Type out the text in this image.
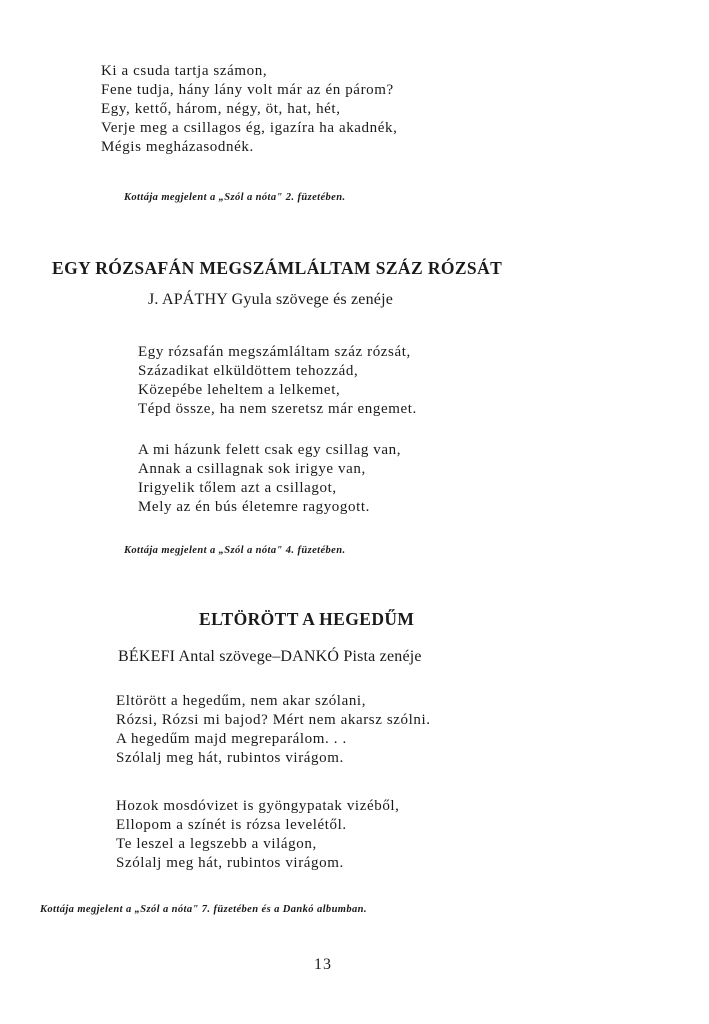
Ki a csuda tartja számon,
Fene tudja, hány lány volt már az én párom?
Egy, kettő, három, négy, öt, hat, hét,
Verje meg a csillagos ég, igazíra ha akadnék,
Mégis megházasodnék.
Kottája megjelent a „Szól a nóta" 2. füzetében.
EGY RÓZSAFÁN MEGSZÁMLÁLTAM SZÁZ RÓZSÁT
J. APÁTHY Gyula szövege és zenéje
Egy rózsafán megszámláltam száz rózsát,
Századikat elküldöttem tehozzád,
Közepébe leheltem a lelkemet,
Tépd össze, ha nem szeretsz már engemet.
A mi házunk felett csak egy csillag van,
Annak a csillagnak sok irigye van,
Irigyelik tőlem azt a csillagot,
Mely az én bús életemre ragyogott.
Kottája megjelent a „Szól a nóta" 4. füzetében.
ELTÖRÖTT A HEGEDŰM
BÉKEFI Antal szövege–DANKÓ Pista zenéje
Eltörött a hegedűm, nem akar szólani,
Rózsi, Rózsi mi bajod? Mért nem akarsz szólni.
A hegedűm majd megreparálom. . .
Szólalj meg hát, rubintos virágom.
Hozok mosdóvizet is gyöngypatak vizéből,
Ellopom a színét is rózsa levelétől.
Te leszel a legszebb a világon,
Szólalj meg hát, rubintos virágom.
Kottája megjelent a „Szól a nóta" 7. füzetében és a Dankó albumban.
13
